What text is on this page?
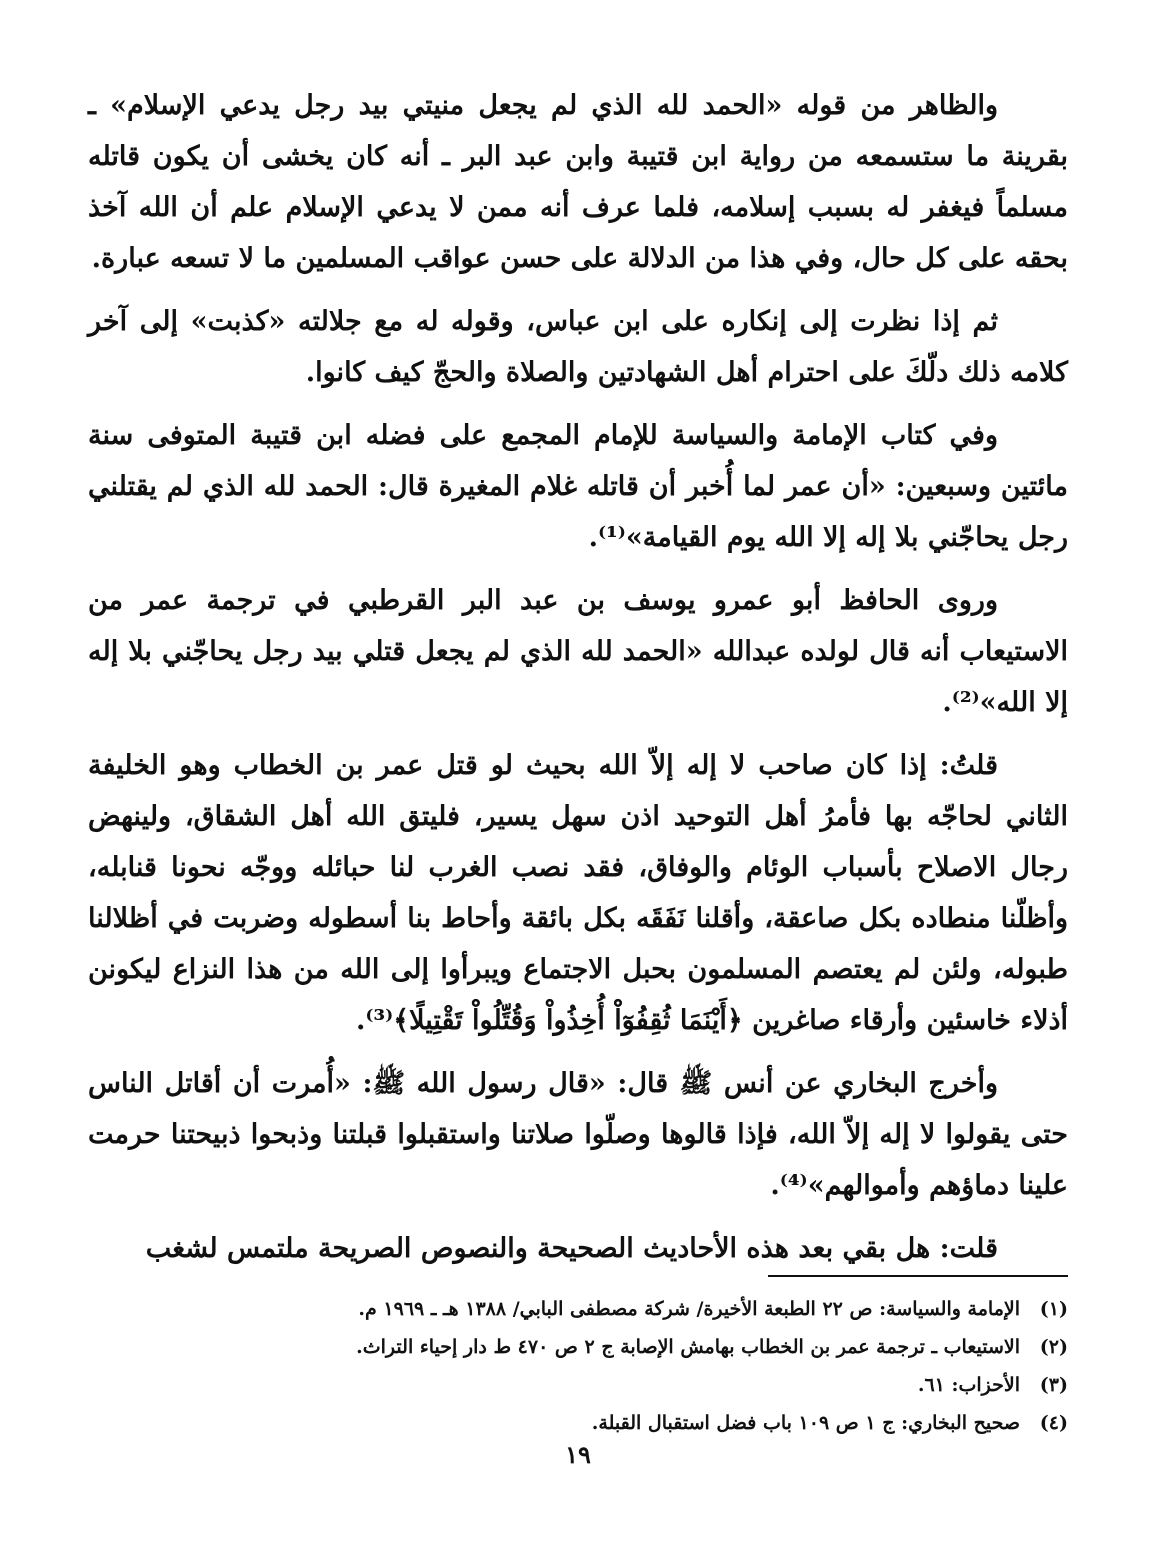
والظاهر من قوله «الحمد لله الذي لم يجعل منيتي بيد رجل يدعي الإسلام» ـ بقرينة ما ستسمعه من رواية ابن قتيبة وابن عبد البر ـ أنه كان يخشى أن يكون قاتله مسلماً فيغفر له بسبب إسلامه، فلما عرف أنه ممن لا يدعي الإسلام علم أن الله آخذ بحقه على كل حال، وفي هذا من الدلالة على حسن عواقب المسلمين ما لا تسعه عبارة.

ثم إذا نظرت إلى إنكاره على ابن عباس، وقوله له مع جلالته «كذبت» إلى آخر كلامه ذلك دلّكَ على احترام أهل الشهادتين والصلاة والحجّ كيف كانوا.

وفي كتاب الإمامة والسياسة للإمام المجمع على فضله ابن قتيبة المتوفى سنة مائتين وسبعين: «أن عمر لما أُخبر أن قاتله غلام المغيرة قال: الحمد لله الذي لم يقتلني رجل يحاجّني بلا إله إلا الله يوم القيامة»⁽¹⁾.

وروى الحافظ أبو عمرو يوسف بن عبد البر القرطبي في ترجمة عمر من الاستيعاب أنه قال لولده عبدالله «الحمد لله الذي لم يجعل قتلي بيد رجل يحاجّني بلا إله إلا الله»⁽²⁾.

قلتُ: إذا كان صاحب لا إله إلاّ الله بحيث لو قتل عمر بن الخطاب وهو الخليفة الثاني لحاجّه بها فأمرُ أهل التوحيد اذن سهل يسير، فليتق الله أهل الشقاق، ولينهض رجال الاصلاح بأسباب الوئام والوفاق، فقد نصب الغرب لنا حبائله ووجّه نحونا قنابله، وأظلّنا منطاده بكل صاعقة، وأقلنا نَفَقَه بكل بائقة وأحاط بنا أسطوله وضربت في أظلالنا طبوله، ولئن لم يعتصم المسلمون بحبل الاجتماع ويبرأوا إلى الله من هذا النزاع ليكونن أذلاء خاسئين وأرقاء صاغرين ﴿أَيْنَمَا ثُقِفُوٓاْ أُخِذُواْ وَقُتِّلُواْ تَقْتِيلًا﴾⁽³⁾.

وأخرج البخاري عن أنس ﷺ قال: «قال رسول الله ﷺ: «أُمرت أن أقاتل الناس حتى يقولوا لا إله إلاّ الله، فإذا قالوها وصلّوا صلاتنا واستقبلوا قبلتنا وذبحوا ذبيحتنا حرمت علينا دماؤهم وأموالهم»⁽⁴⁾.

قلت: هل بقي بعد هذه الأحاديث الصحيحة والنصوص الصريحة ملتمس لشغب

(١)
الإمامة والسياسة: ص ٢٢ الطبعة الأخيرة/ شركة مصطفى البابي/ ١٣٨٨ هـ ـ ١٩٦٩ م.
(٢)
الاستيعاب ـ ترجمة عمر بن الخطاب بهامش الإصابة ج ٢ ص ٤٧٠ ط دار إحياء التراث.
(٣)
الأحزاب: ٦١.
(٤)
صحيح البخاري: ج ١ ص ١٠٩ باب فضل استقبال القبلة.
١٩
